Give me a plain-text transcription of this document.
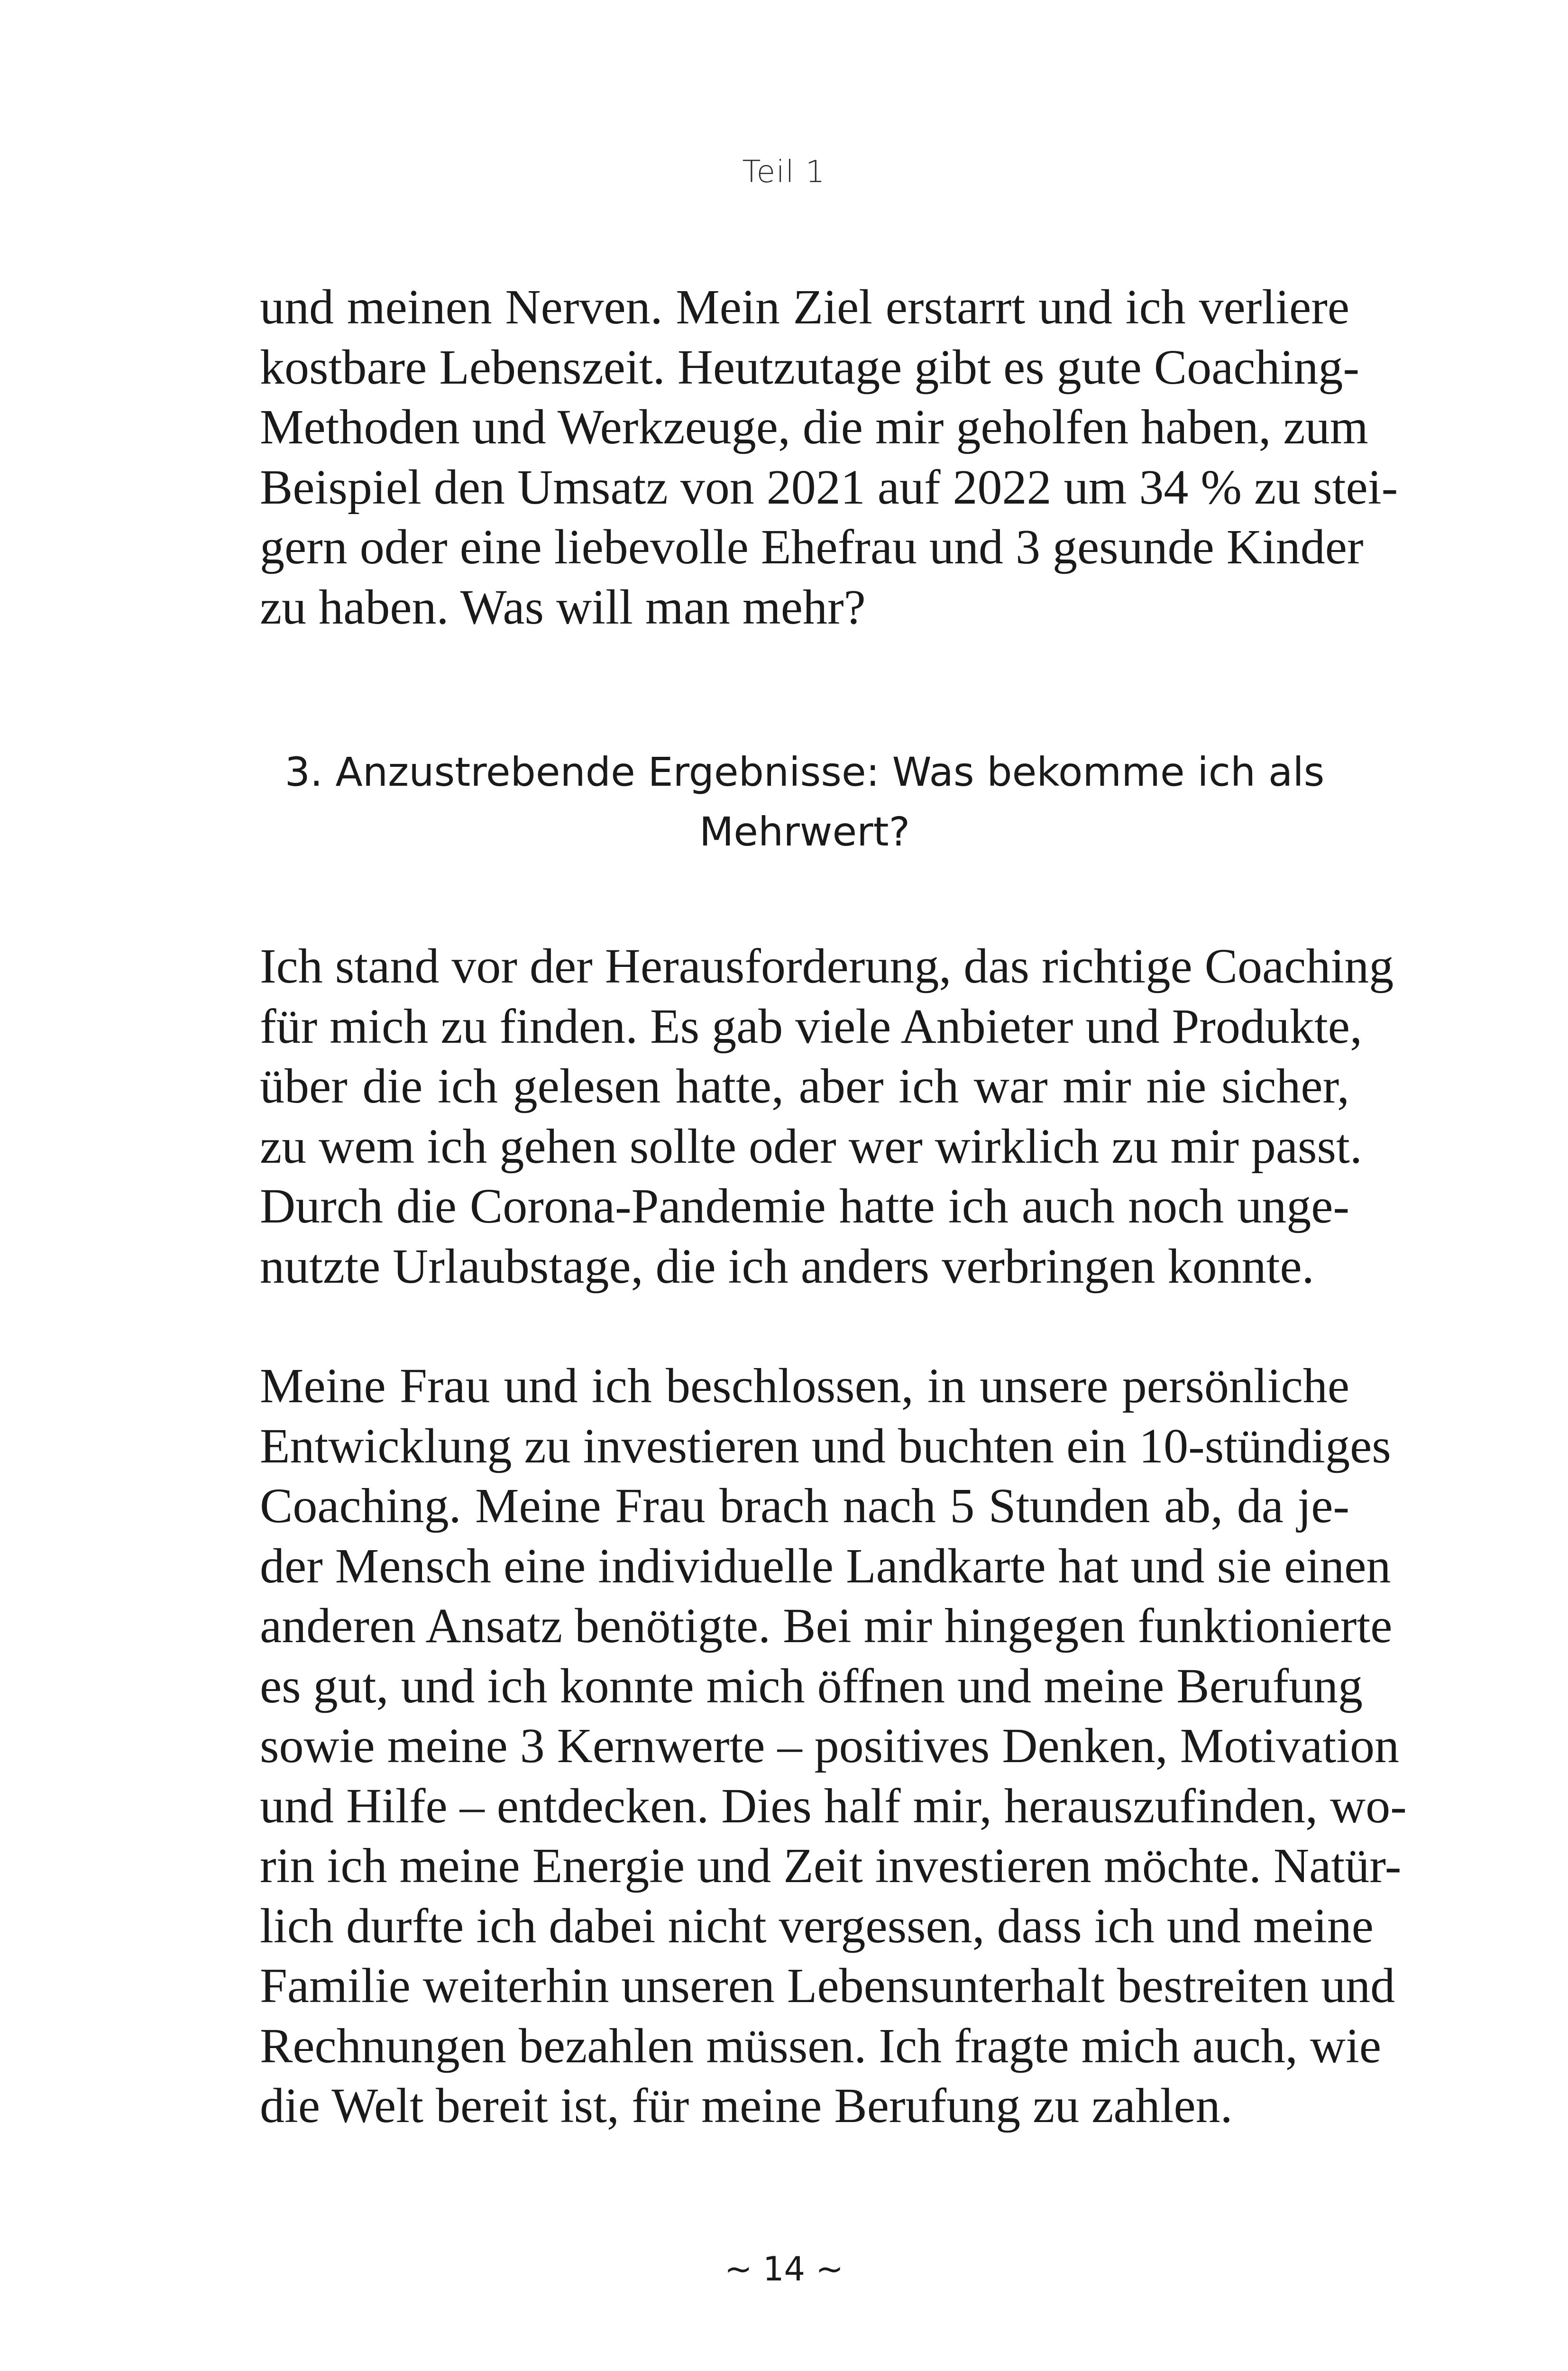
Teil 1
und meinen Nerven. Mein Ziel erstarrt und ich verliere
kostbare Lebenszeit. Heutzutage gibt es gute Coaching-
Methoden und Werkzeuge, die mir geholfen haben, zum
Beispiel den Umsatz von 2021 auf 2022 um 34 % zu stei-
gern oder eine liebevolle Ehefrau und 3 gesunde Kinder
zu haben. Was will man mehr?
3. Anzustrebende Ergebnisse: Was bekomme ich als
Mehrwert?
Ich stand vor der Herausforderung, das richtige Coaching
für mich zu finden. Es gab viele Anbieter und Produkte,
über die ich gelesen hatte, aber ich war mir nie sicher,
zu wem ich gehen sollte oder wer wirklich zu mir passt.
Durch die Corona-Pandemie hatte ich auch noch unge-
nutzte Urlaubstage, die ich anders verbringen konnte.
Meine Frau und ich beschlossen, in unsere persönliche
Entwicklung zu investieren und buchten ein 10-stündiges
Coaching. Meine Frau brach nach 5 Stunden ab, da je-
der Mensch eine individuelle Landkarte hat und sie einen
anderen Ansatz benötigte. Bei mir hingegen funktionierte
es gut, und ich konnte mich öffnen und meine Berufung
sowie meine 3 Kernwerte – positives Denken, Motivation
und Hilfe – entdecken. Dies half mir, herauszufinden, wo-
rin ich meine Energie und Zeit investieren möchte. Natür-
lich durfte ich dabei nicht vergessen, dass ich und meine
Familie weiterhin unseren Lebensunterhalt bestreiten und
Rechnungen bezahlen müssen. Ich fragte mich auch, wie
die Welt bereit ist, für meine Berufung zu zahlen.
~ 14 ~
